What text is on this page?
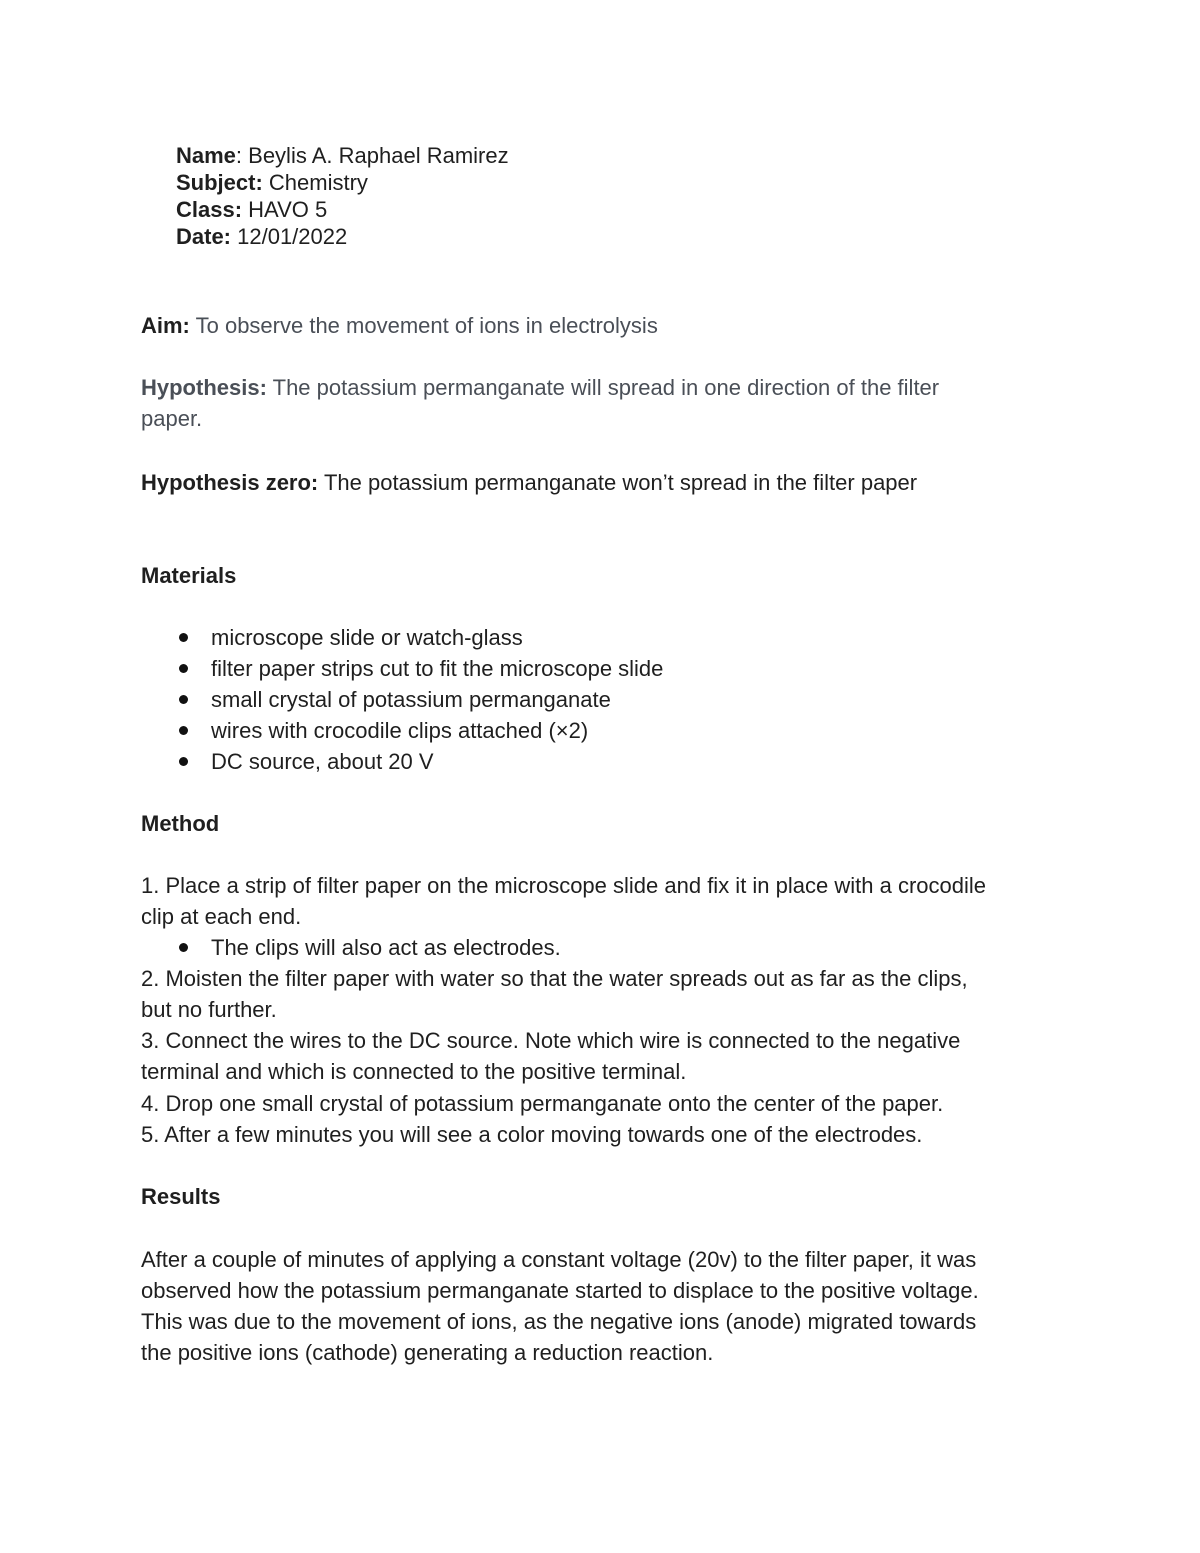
Name: Beylis A. Raphael Ramirez
Subject: Chemistry
Class: HAVO 5
Date: 12/01/2022
Aim: To observe the movement of ions in electrolysis
Hypothesis: The potassium permanganate will spread in one direction of the filter
paper.
Hypothesis zero: The potassium permanganate won’t spread in the filter paper
Materials
microscope slide or watch-glass
filter paper strips cut to fit the microscope slide
small crystal of potassium permanganate
wires with crocodile clips attached (×2)
DC source, about 20 V
Method
1. Place a strip of filter paper on the microscope slide and fix it in place with a crocodile
clip at each end.
The clips will also act as electrodes.
2. Moisten the filter paper with water so that the water spreads out as far as the clips,
but no further.
3. Connect the wires to the DC source. Note which wire is connected to the negative
terminal and which is connected to the positive terminal.
4. Drop one small crystal of potassium permanganate onto the center of the paper.
5. After a few minutes you will see a color moving towards one of the electrodes.
Results
After a couple of minutes of applying a constant voltage (20v) to the filter paper, it was
observed how the potassium permanganate started to displace to the positive voltage.
This was due to the movement of ions, as the negative ions (anode) migrated towards
the positive ions (cathode) generating a reduction reaction.
